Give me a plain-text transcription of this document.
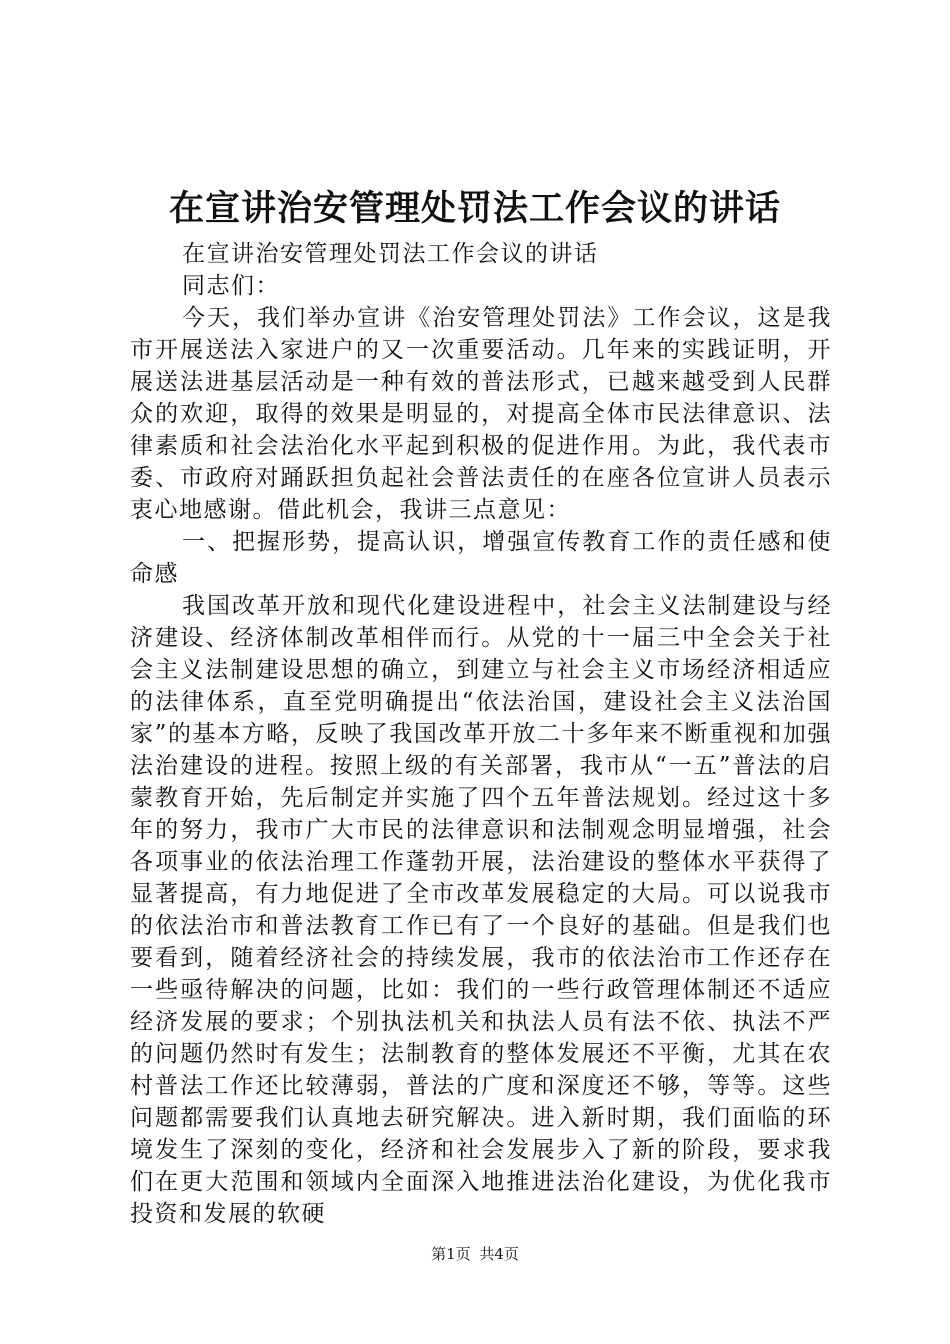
在宣讲治安管理处罚法工作会议的讲话

在宣讲治安管理处罚法工作会议的讲话

同志们：

今天，我们举办宣讲《治安管理处罚法》工作会议，这是我市开展送法入家进户的又一次重要活动。几年来的实践证明，开展送法进基层活动是一种有效的普法形式，已越来越受到人民群众的欢迎，取得的效果是明显的，对提高全体市民法律意识、法律素质和社会法治化水平起到积极的促进作用。为此，我代表市委、市政府对踊跃担负起社会普法责任的在座各位宣讲人员表示衷心地感谢。借此机会，我讲三点意见：

一、把握形势，提高认识，增强宣传教育工作的责任感和使命感

我国改革开放和现代化建设进程中，社会主义法制建设与经济建设、经济体制改革相伴而行。从党的十一届三中全会关于社会主义法制建设思想的确立，到建立与社会主义市场经济相适应的法律体系，直至党明确提出“依法治国，建设社会主义法治国家”的基本方略，反映了我国改革开放二十多年来不断重视和加强法治建设的进程。按照上级的有关部署，我市从“一五”普法的启蒙教育开始，先后制定并实施了四个五年普法规划。经过这十多年的努力，我市广大市民的法律意识和法制观念明显增强，社会各项事业的依法治理工作蓬勃开展，法治建设的整体水平获得了显著提高，有力地促进了全市改革发展稳定的大局。可以说我市的依法治市和普法教育工作已有了一个良好的基础。但是我们也要看到，随着经济社会的持续发展，我市的依法治市工作还存在一些亟待解决的问题，比如：我们的一些行政管理体制还不适应经济发展的要求；个别执法机关和执法人员有法不依、执法不严的问题仍然时有发生；法制教育的整体发展还不平衡，尤其在农村普法工作还比较薄弱，普法的广度和深度还不够，等等。这些问题都需要我们认真地去研究解决。进入新时期，我们面临的环境发生了深刻的变化，经济和社会发展步入了新的阶段，要求我们在更大范围和领域内全面深入地推进法治化建设，为优化我市投资和发展的软硬

第1页 共4页
